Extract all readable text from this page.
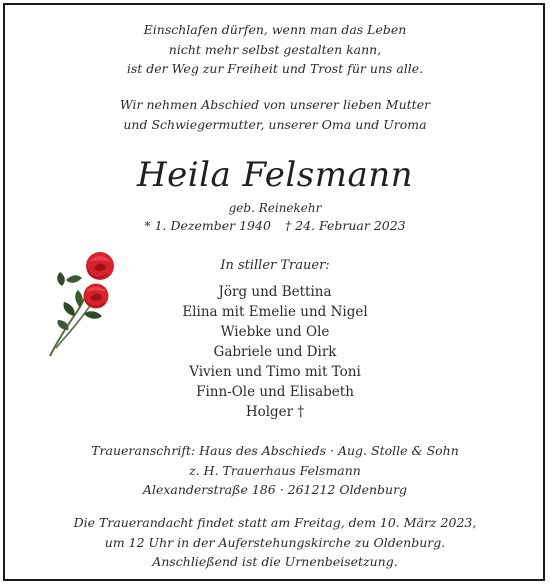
Einschlafen dürfen, wenn man das Leben
nicht mehr selbst gestalten kann,
ist der Weg zur Freiheit und Trost für uns alle.
Wir nehmen Abschied von unserer lieben Mutter
und Schwiegermutter, unserer Oma und Uroma
Heila Felsmann
geb. Reinekehr
* 1. Dezember 1940 † 24. Februar 2023
In stiller Trauer:
Jörg und Bettina
Elina mit Emelie und Nigel
Wiebke und Ole
Gabriele und Dirk
Vivien und Timo mit Toni
Finn-Ole und Elisabeth
Holger †
Traueranschrift: Haus des Abschieds · Aug. Stolle & Sohn
z. H. Trauerhaus Felsmann
Alexanderstraße 186 · 261212 Oldenburg
Die Trauerandacht findet statt am Freitag, dem 10. März 2023,
um 12 Uhr in der Auferstehungskirche zu Oldenburg.
Anschließend ist die Urnenbeisetzung.
